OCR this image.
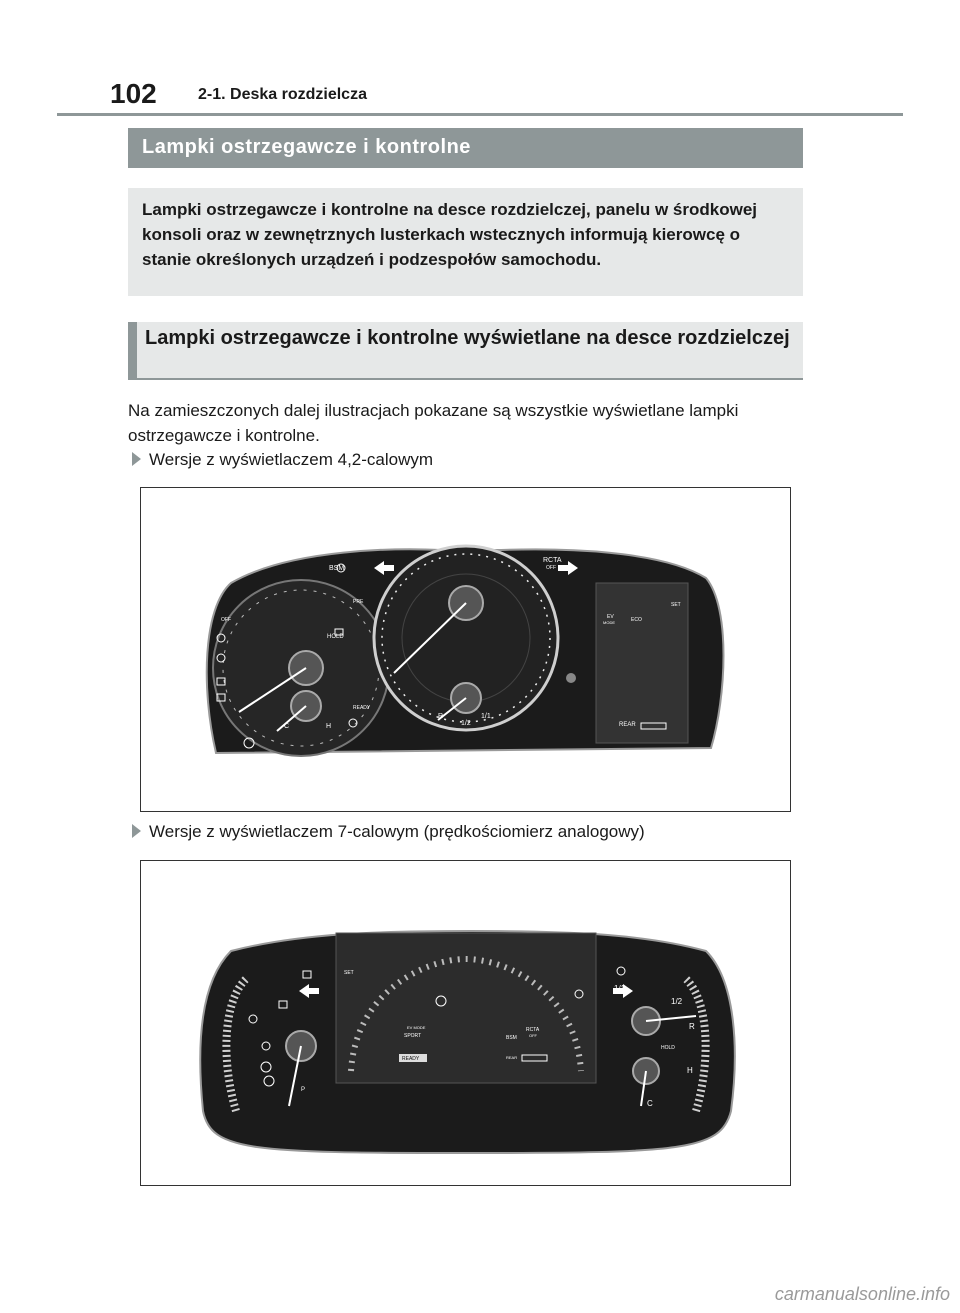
102	2-1. Deska rozdzielcza
Lampki ostrzegawcze i kontrolne
Lampki ostrzegawcze i kontrolne na desce rozdzielczej, panelu w środkowej konsoli oraz w zewnętrznych lusterkach wstecznych informują kierowcę o stanie określonych urządzeń i podzespołów samochodu.
Lampki ostrzegawcze i kontrolne wyświetlane na desce rozdzielczej
Na zamieszczonych dalej ilustracjach pokazane są wszystkie wyświetlane lampki ostrzegawcze i kontrolne.
Wersje z wyświetlaczem 4,2-calowym
BSM
RCTA
OFF
HOLD
READY
SET
EV
MODE	ECO
REAR
PRE
R
1/2
1/1
C	H
OFF
Wersje z wyświetlaczem 7-calowym (prędkościomierz analogowy)
SET
EV MODE
SPORT	BSM
RCTA
OFF
REAR
READY
HOLD
1/1
1/2
R
H
C
P
carmanualsonline.info
